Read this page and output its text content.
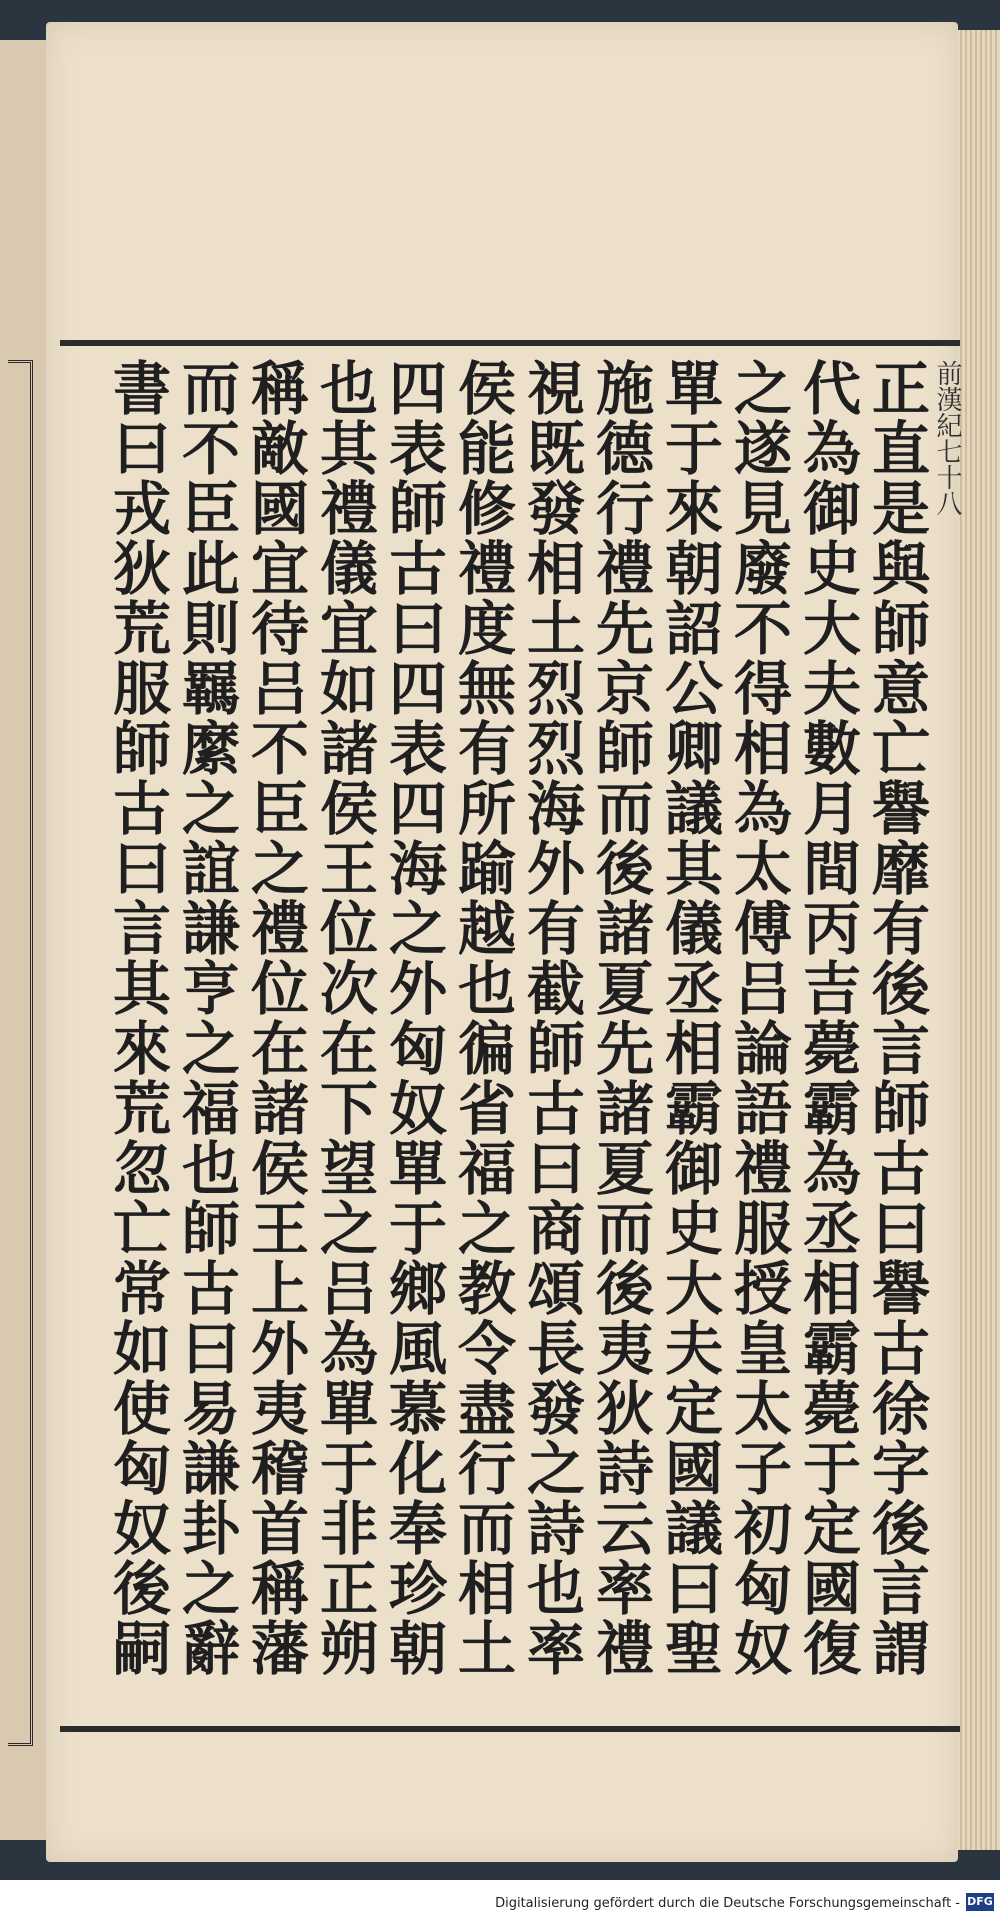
正直是與師意亡譽靡有後言師古曰譽古徐字後言謂
代為御史大夫數月間丙吉薨霸為丞相霸薨于定國復
之遂見廢不得相為太傅吕論語禮服授皇太子初匈奴
單于來朝詔公卿議其儀丞相霸御史大夫定國議曰聖
施德行禮先京師而後諸夏先諸夏而後夷狄詩云率禮
視既發相土烈烈海外有截師古曰商頌長發之詩也率
侯能修禮度無有所踰越也徧省福之教令盡行而相土
四表師古曰四表四海之外匈奴單于鄉風慕化奉珍朝
也其禮儀宜如諸侯王位次在下望之吕為單于非正朔
稱敵國宜待吕不臣之禮位在諸侯王上外夷稽首稱藩
而不臣此則羈縻之誼謙亨之福也師古曰易謙卦之辭
書曰戎狄荒服師古曰言其來荒忽亡常如使匈奴後嗣
前漢紀七十八
Digitalisierung gefördert durch die Deutsche Forschungsgemeinschaft - DFG
